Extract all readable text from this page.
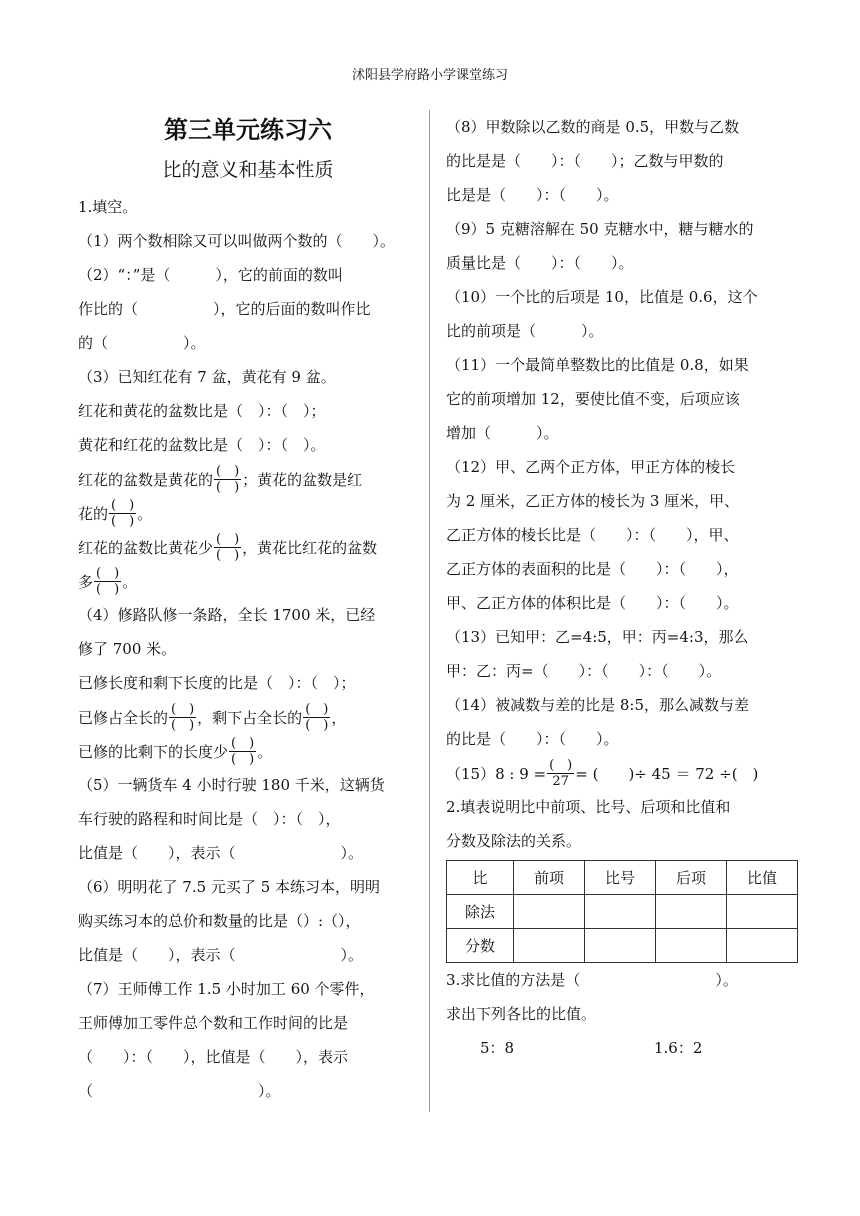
沭阳县学府路小学课堂练习
第三单元练习六
比的意义和基本性质
1.填空。
（1）两个数相除又可以叫做两个数的（　　）。
（2）“：”是（　　　），它的前面的数叫
作比的（　　　　　），它的后面的数叫作比
的（　　　　　）。
（3）已知红花有 7 盆，黄花有 9 盆。
红花和黄花的盆数比是（　）：（　）；
黄花和红花的盆数比是（　）：（　）。
红花的盆数是黄花的 $\frac{( )}{( )}$ ；黄花的盆数是红
花的 $\frac{( )}{( )}$ 。
红花的盆数比黄花少 $\frac{( )}{( )}$ ，黄花比红花的盆数
多 $\frac{( )}{( )}$ 。
（4）修路队修一条路，全长 1700 米，已经
修了 700 米。
已修长度和剩下长度的比是（　）：（　）；
已修占全长的 $\frac{( )}{( )}$ ，剩下占全长的 $\frac{( )}{( )}$ ，
已修的比剩下的长度少 $\frac{( )}{( )}$ 。
（5）一辆货车 4 小时行驶 180 千米，这辆货
车行驶的路程和时间比是（　）：（　），
比值是（　　），表示（　　　　　　　）。
（6）明明花了 7.5 元买了 5 本练习本，明明
购买练习本的总价和数量的比是（）:（），
比值是（　　），表示（　　　　　　　）。
（7）王师傅工作 1.5 小时加工 60 个零件，
王师傅加工零件总个数和工作时间的比是
（　　）：（　　），比值是（　　），表示
（　　　　　　　　　　　）。
（8）甲数除以乙数的商是 0.5，甲数与乙数
的比是是（　　）：（　　）；乙数与甲数的
比是是（　　）：（　　）。
（9）5 克糖溶解在 50 克糖水中，糖与糖水的
质量比是（　　）：（　　）。
（10）一个比的后项是 10，比值是 0.6，这个
比的前项是（　　　）。
（11）一个最简单整数比的比值是 0.8，如果
它的前项增加 12，要使比值不变，后项应该
增加（　　　）。
（12）甲、乙两个正方体，甲正方体的棱长
为 2 厘米，乙正方体的棱长为 3 厘米，甲、
乙正方体的棱长比是（　　）：（　　），甲、
乙正方体的表面积的比是（　　）：（　　），
甲、乙正方体的体积比是（　　）：（　　）。
（13）已知甲：乙=4:5，甲：丙=4:3，那么
甲：乙：丙=（　　）：（　　）：（　　）。
（14）被减数与差的比是 8:5，那么减数与差
的比是（　　）：（　　）。
（15）8 : $9 = \frac{( )}{27}$ = (　　)÷ 45 ＝ 72 ÷(　)
2.填表说明比中前项、比号、后项和比值和
分数及除法的关系。
比	前项	比号	后项	比值
除法				
分数				
3.求比值的方法是（　　　　　　　　　）。
求出下列各比的比值。
5：8	1.6：2
